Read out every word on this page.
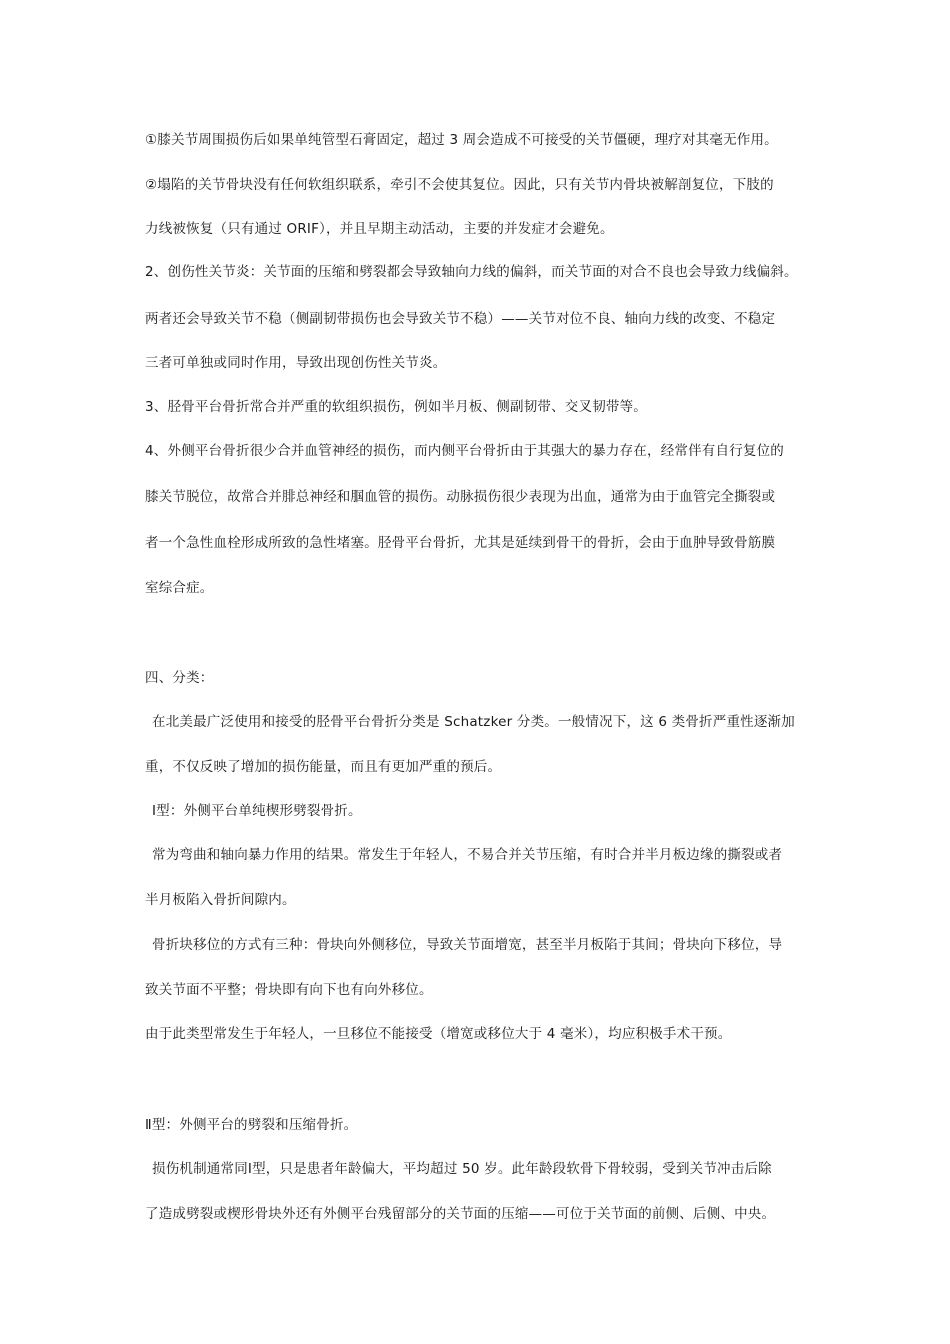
①膝关节周围损伤后如果单纯管型石膏固定，超过 3 周会造成不可接受的关节僵硬，理疗对其毫无作用。
②塌陷的关节骨块没有任何软组织联系，牵引不会使其复位。因此，只有关节内骨块被解剖复位，下肢的
力线被恢复（只有通过 ORIF），并且早期主动活动，主要的并发症才会避免。
2、创伤性关节炎：关节面的压缩和劈裂都会导致轴向力线的偏斜，而关节面的对合不良也会导致力线偏斜。
两者还会导致关节不稳（侧副韧带损伤也会导致关节不稳）——关节对位不良、轴向力线的改变、不稳定
三者可单独或同时作用，导致出现创伤性关节炎。
3、胫骨平台骨折常合并严重的软组织损伤，例如半月板、侧副韧带、交叉韧带等。
4、外侧平台骨折很少合并血管神经的损伤，而内侧平台骨折由于其强大的暴力存在，经常伴有自行复位的
膝关节脱位，故常合并腓总神经和腘血管的损伤。动脉损伤很少表现为出血，通常为由于血管完全撕裂或
者一个急性血栓形成所致的急性堵塞。胫骨平台骨折，尤其是延续到骨干的骨折，会由于血肿导致骨筋膜
室综合症。
四、分类：
在北美最广泛使用和接受的胫骨平台骨折分类是 Schatzker 分类。一般情况下，这 6 类骨折严重性逐渐加
重，不仅反映了增加的损伤能量，而且有更加严重的预后。
Ⅰ型：外侧平台单纯楔形劈裂骨折。
常为弯曲和轴向暴力作用的结果。常发生于年轻人，不易合并关节压缩，有时合并半月板边缘的撕裂或者
半月板陷入骨折间隙内。
骨折块移位的方式有三种：骨块向外侧移位，导致关节面增宽，甚至半月板陷于其间；骨块向下移位，导
致关节面不平整；骨块即有向下也有向外移位。
由于此类型常发生于年轻人，一旦移位不能接受（增宽或移位大于 4 毫米），均应积极手术干预。
Ⅱ型：外侧平台的劈裂和压缩骨折。
损伤机制通常同Ⅰ型，只是患者年龄偏大，平均超过 50 岁。此年龄段软骨下骨较弱，受到关节冲击后除
了造成劈裂或楔形骨块外还有外侧平台残留部分的关节面的压缩——可位于关节面的前侧、后侧、中央。
